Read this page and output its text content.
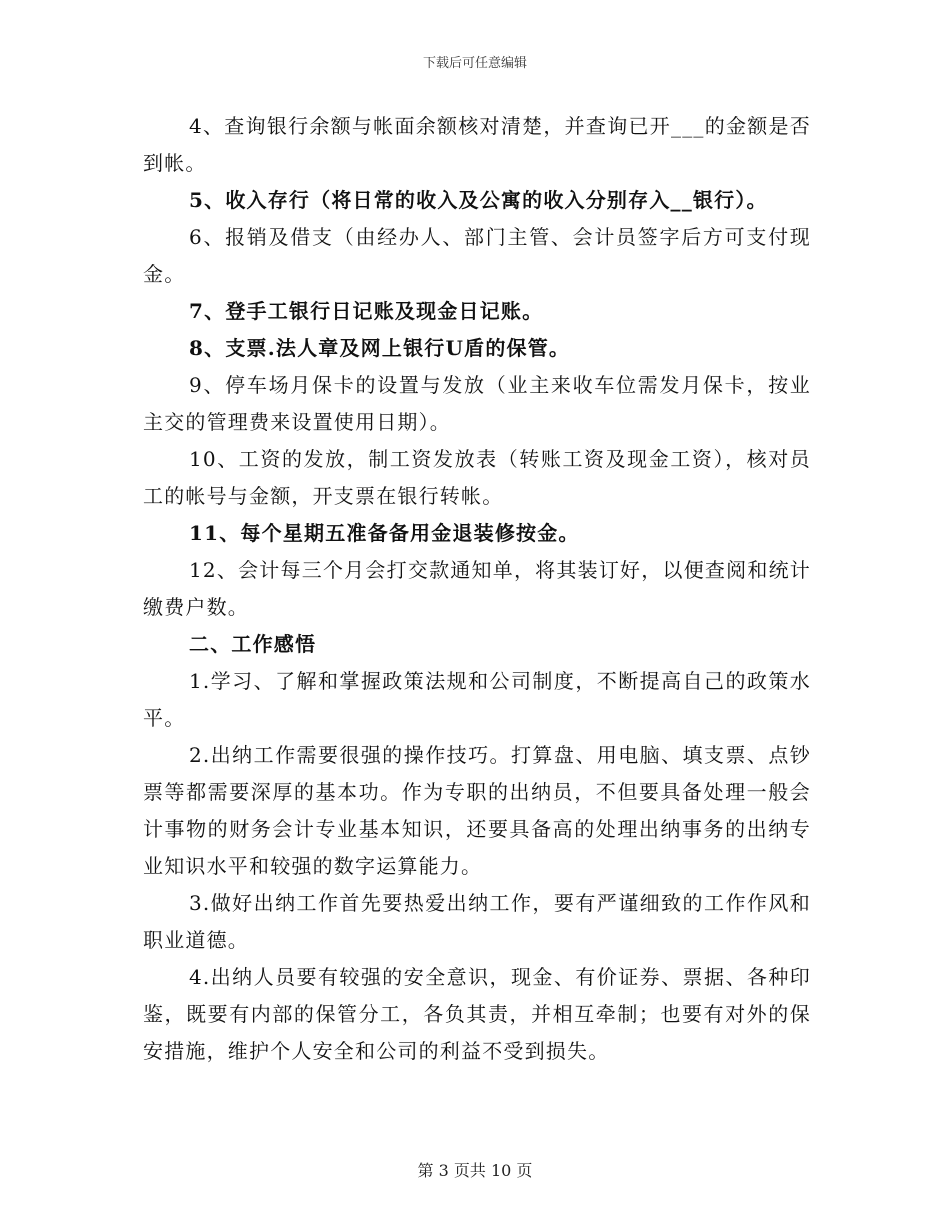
下载后可任意编辑

4、查询银行余额与帐面余额核对清楚，并查询已开___的金额是否到帐。

5、收入存行（将日常的收入及公寓的收入分别存入__银行）。

6、报销及借支（由经办人、部门主管、会计员签字后方可支付现金。

7、登手工银行日记账及现金日记账。

8、支票.法人章及网上银行U盾的保管。

9、停车场月保卡的设置与发放（业主来收车位需发月保卡，按业主交的管理费来设置使用日期）。

10、工资的发放，制工资发放表（转账工资及现金工资），核对员工的帐号与金额，开支票在银行转帐。

11、每个星期五准备备用金退装修按金。

12、会计每三个月会打交款通知单，将其装订好，以便查阅和统计缴费户数。

二、工作感悟

1.学习、了解和掌握政策法规和公司制度，不断提高自己的政策水平。

2.出纳工作需要很强的操作技巧。打算盘、用电脑、填支票、点钞票等都需要深厚的基本功。作为专职的出纳员，不但要具备处理一般会计事物的财务会计专业基本知识，还要具备高的处理出纳事务的出纳专业知识水平和较强的数字运算能力。

3.做好出纳工作首先要热爱出纳工作，要有严谨细致的工作作风和职业道德。

4.出纳人员要有较强的安全意识，现金、有价证券、票据、各种印鉴，既要有内部的保管分工，各负其责，并相互牵制；也要有对外的保安措施，维护个人安全和公司的利益不受到损失。

第 3 页共 10 页
